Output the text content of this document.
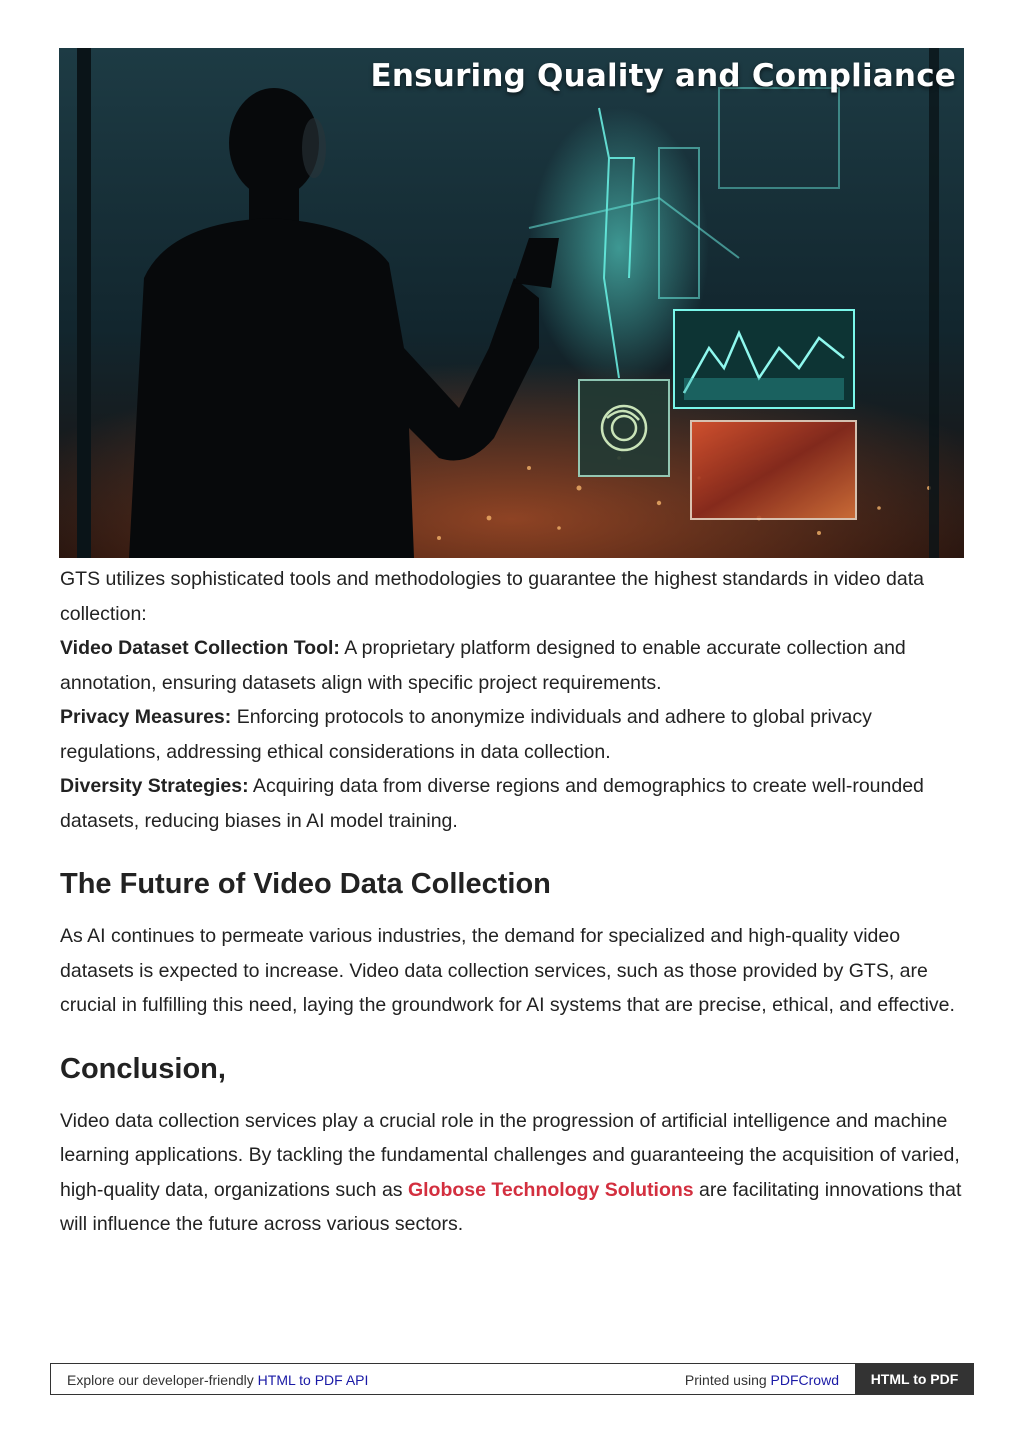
Ensuring Quality and Compliance

GTS utilizes sophisticated tools and methodologies to guarantee the highest standards in video data collection:

Video Dataset Collection Tool: A proprietary platform designed to enable accurate collection and annotation, ensuring datasets align with specific project requirements.

Privacy Measures: Enforcing protocols to anonymize individuals and adhere to global privacy regulations, addressing ethical considerations in data collection.

Diversity Strategies: Acquiring data from diverse regions and demographics to create well-rounded datasets, reducing biases in AI model training.

The Future of Video Data Collection

As AI continues to permeate various industries, the demand for specialized and high-quality video datasets is expected to increase. Video data collection services, such as those provided by GTS, are crucial in fulfilling this need, laying the groundwork for AI systems that are precise, ethical, and effective.

Conclusion,

Video data collection services play a crucial role in the progression of artificial intelligence and machine learning applications. By tackling the fundamental challenges and guaranteeing the acquisition of varied, high-quality data, organizations such as Globose Technology Solutions are facilitating innovations that will influence the future across various sectors.

Explore our developer-friendly HTML to PDF API	Printed using PDFCrowd	HTML to PDF
